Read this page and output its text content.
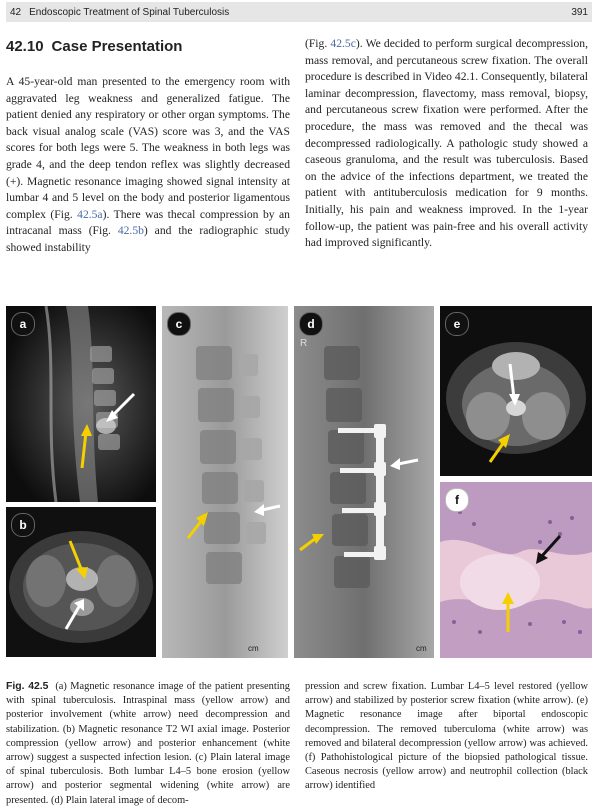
42 Endoscopic Treatment of Spinal Tuberculosis	391
42.10 Case Presentation

A 45-year-old man presented to the emergency room with aggravated leg weakness and generalized fatigue. The patient denied any respiratory or other organ symptoms. The back visual analog scale (VAS) score was 3, and the VAS scores for both legs were 5. The weakness in both legs was grade 4, and the deep tendon reflex was slightly decreased (+). Magnetic resonance imaging showed signal intensity at lumbar 4 and 5 level on the body and posterior ligamentous complex (Fig. 42.5a). There was thecal compression by an intracanal mass (Fig. 42.5b) and the radiographic study showed instability

(Fig. 42.5c). We decided to perform surgical decompression, mass removal, and percutaneous screw fixation. The overall procedure is described in Video 42.1. Consequently, bilateral laminar decompression, flavectomy, mass removal, biopsy, and percutaneous screw fixation were performed. After the procedure, the mass was removed and the thecal was decompressed radiologically. A pathologic study showed a caseous granuloma, and the result was tuberculosis. Based on the advice of the infections department, we treated the patient with antituberculosis medication for 9 months. Initially, his pain and weakness improved. In the 1-year follow-up, the patient was pain-free and his overall activity had improved significantly.

a
b
c
cm
d
R
cm
e
f

Fig. 42.5 (a) Magnetic resonance image of the patient presenting with spinal tuberculosis. Intraspinal mass (yellow arrow) and posterior involvement (white arrow) need decompression and stabilization. (b) Magnetic resonance T2 WI axial image. Posterior compression (yellow arrow) and posterior enhancement (white arrow) suggest a suspected infection lesion. (c) Plain lateral image of spinal tuberculosis. Both lumbar L4–5 bone erosion (yellow arrow) and posterior segmental widening (white arrow) are presented. (d) Plain lateral image of decom-

pression and screw fixation. Lumbar L4–5 level restored (yellow arrow) and stabilized by posterior screw fixation (white arrow). (e) Magnetic resonance image after biportal endoscopic decompression. The removed tuberculoma (white arrow) was removed and bilateral decompression (yellow arrow) was achieved. (f) Pathohistological picture of the biopsied pathological tissue. Caseous necrosis (yellow arrow) and neutrophil collection (black arrow) identified
